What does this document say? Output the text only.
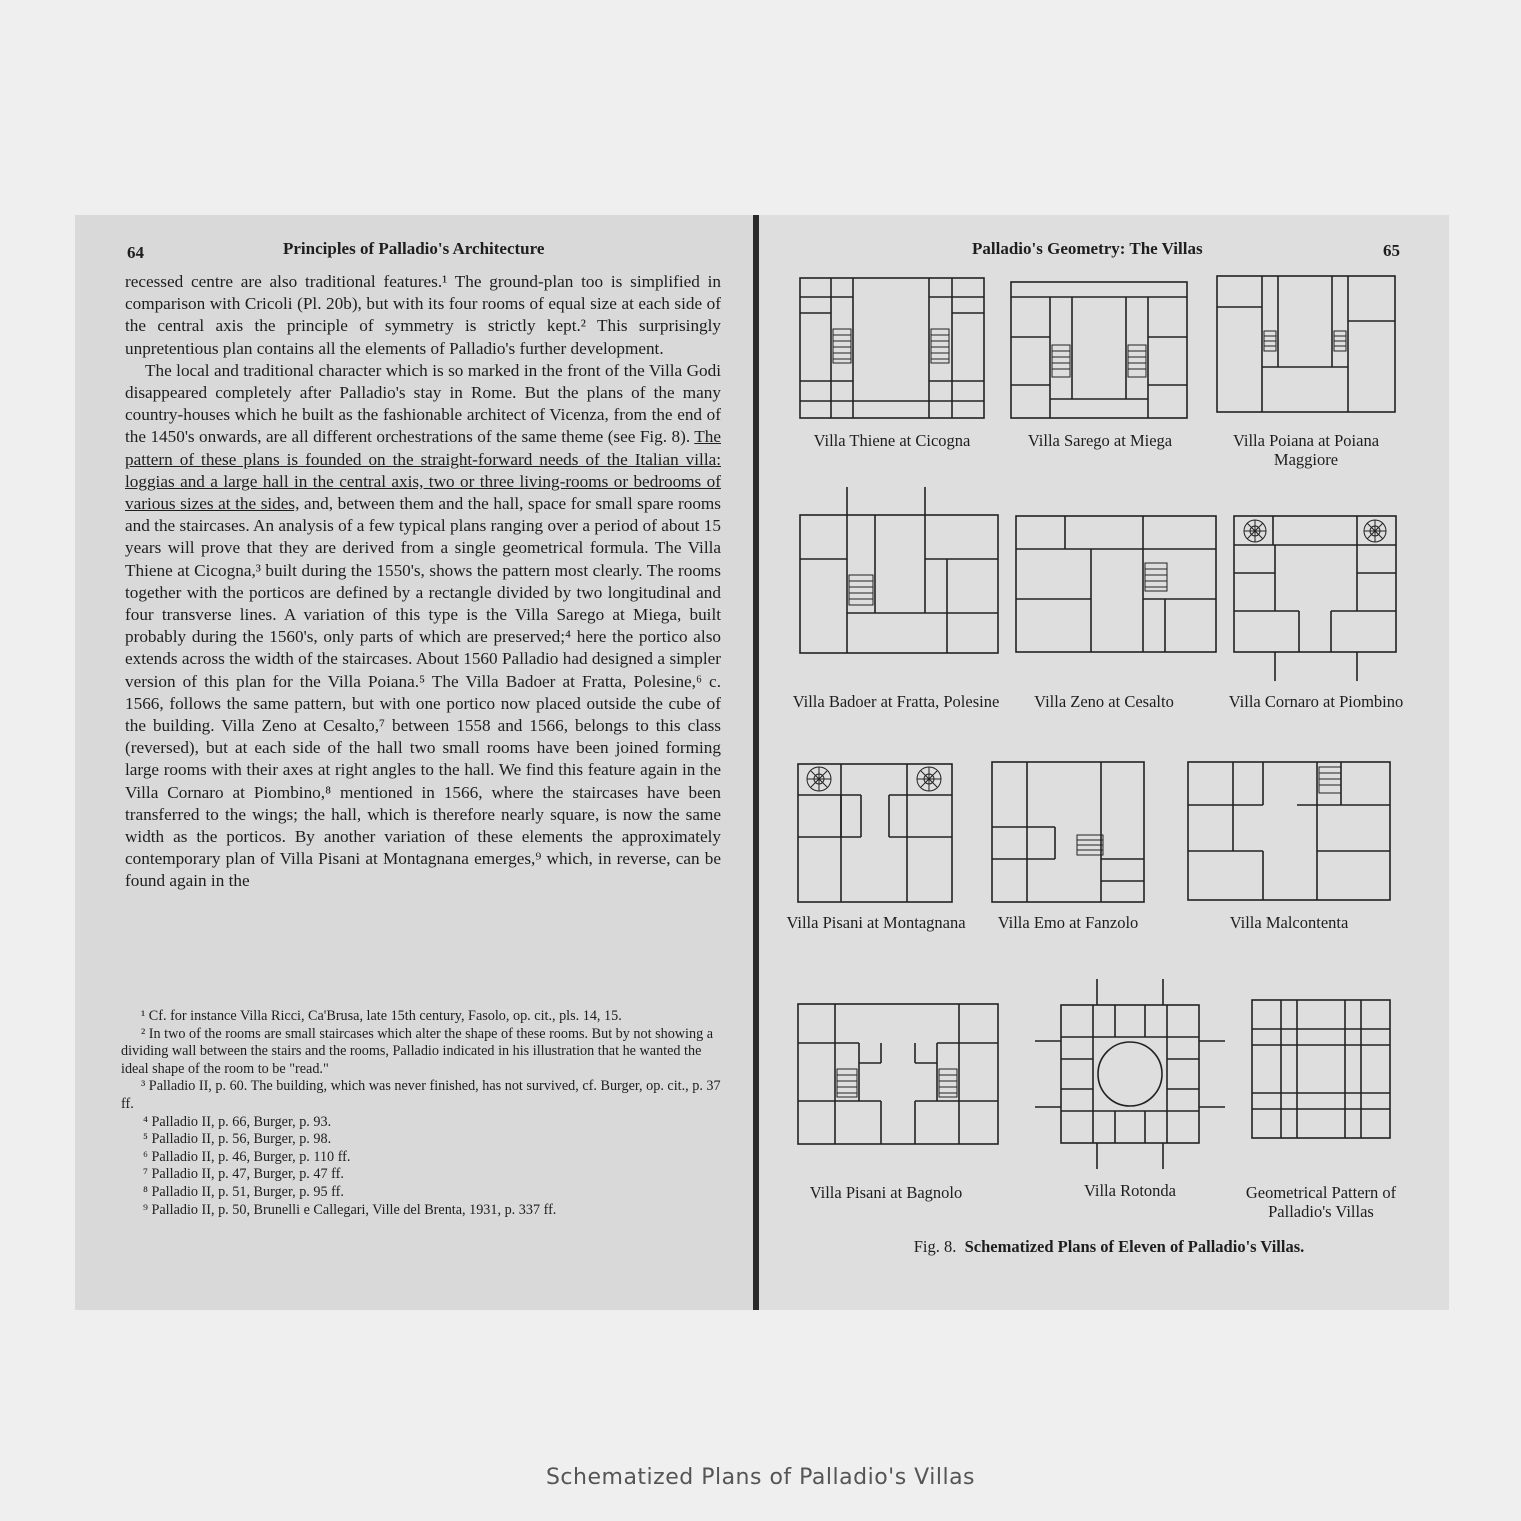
64	Principles of Palladio's Architecture

recessed centre are also traditional features.¹ The ground-plan too is simplified in comparison with Cricoli (Pl. 20b), but with its four rooms of equal size at each side of the central axis the principle of symmetry is strictly kept.² This surprisingly unpretentious plan contains all the elements of Palladio's further development.

The local and traditional character which is so marked in the front of the Villa Godi disappeared completely after Palladio's stay in Rome. But the plans of the many country-houses which he built as the fashionable architect of Vicenza, from the end of the 1450's onwards, are all different orchestrations of the same theme (see Fig. 8). The pattern of these plans is founded on the straight-forward needs of the Italian villa: loggias and a large hall in the central axis, two or three living-rooms or bedrooms of various sizes at the sides, and, between them and the hall, space for small spare rooms and the staircases. An analysis of a few typical plans ranging over a period of about 15 years will prove that they are derived from a single geometrical formula. The Villa Thiene at Cicogna,³ built during the 1550's, shows the pattern most clearly. The rooms together with the porticos are defined by a rectangle divided by two longitudinal and four transverse lines. A variation of this type is the Villa Sarego at Miega, built probably during the 1560's, only parts of which are preserved;⁴ here the portico also extends across the width of the staircases. About 1560 Palladio had designed a simpler version of this plan for the Villa Poiana.⁵ The Villa Badoer at Fratta, Polesine,⁶ c. 1566, follows the same pattern, but with one portico now placed outside the cube of the building. Villa Zeno at Cesalto,⁷ between 1558 and 1566, belongs to this class (reversed), but at each side of the hall two small rooms have been joined forming large rooms with their axes at right angles to the hall. We find this feature again in the Villa Cornaro at Piombino,⁸ mentioned in 1566, where the staircases have been transferred to the wings; the hall, which is therefore nearly square, is now the same width as the porticos. By another variation of these elements the approximately contemporary plan of Villa Pisani at Montagnana emerges,⁹ which, in reverse, can be found again in the

¹ Cf. for instance Villa Ricci, Ca'Brusa, late 15th century, Fasolo, op. cit., pls. 14, 15.
² In two of the rooms are small staircases which alter the shape of these rooms. But by not showing a dividing wall between the stairs and the rooms, Palladio indicated in his illustration that he wanted the ideal shape of the room to be "read."
³ Palladio II, p. 60. The building, which was never finished, has not survived, cf. Burger, op. cit., p. 37 ff.
⁴ Palladio II, p. 66, Burger, p. 93.
⁵ Palladio II, p. 56, Burger, p. 98.
⁶ Palladio II, p. 46, Burger, p. 110 ff.
⁷ Palladio II, p. 47, Burger, p. 47 ff.
⁸ Palladio II, p. 51, Burger, p. 95 ff.
⁹ Palladio II, p. 50, Brunelli e Callegari, Ville del Brenta, 1931, p. 337 ff.
Palladio's Geometry: The Villas	65
Villa Thiene at Cicogna	Villa Sarego at Miega	Villa Poiana at Poiana Maggiore
Villa Badoer at Fratta, Polesine	Villa Zeno at Cesalto	Villa Cornaro at Piombino
Villa Pisani at Montagnana	Villa Emo at Fanzolo	Villa Malcontenta
Villa Pisani at Bagnolo	Villa Rotonda	Geometrical Pattern of Palladio's Villas
Fig. 8. Schematized Plans of Eleven of Palladio's Villas.
Schematized Plans of Palladio's Villas
